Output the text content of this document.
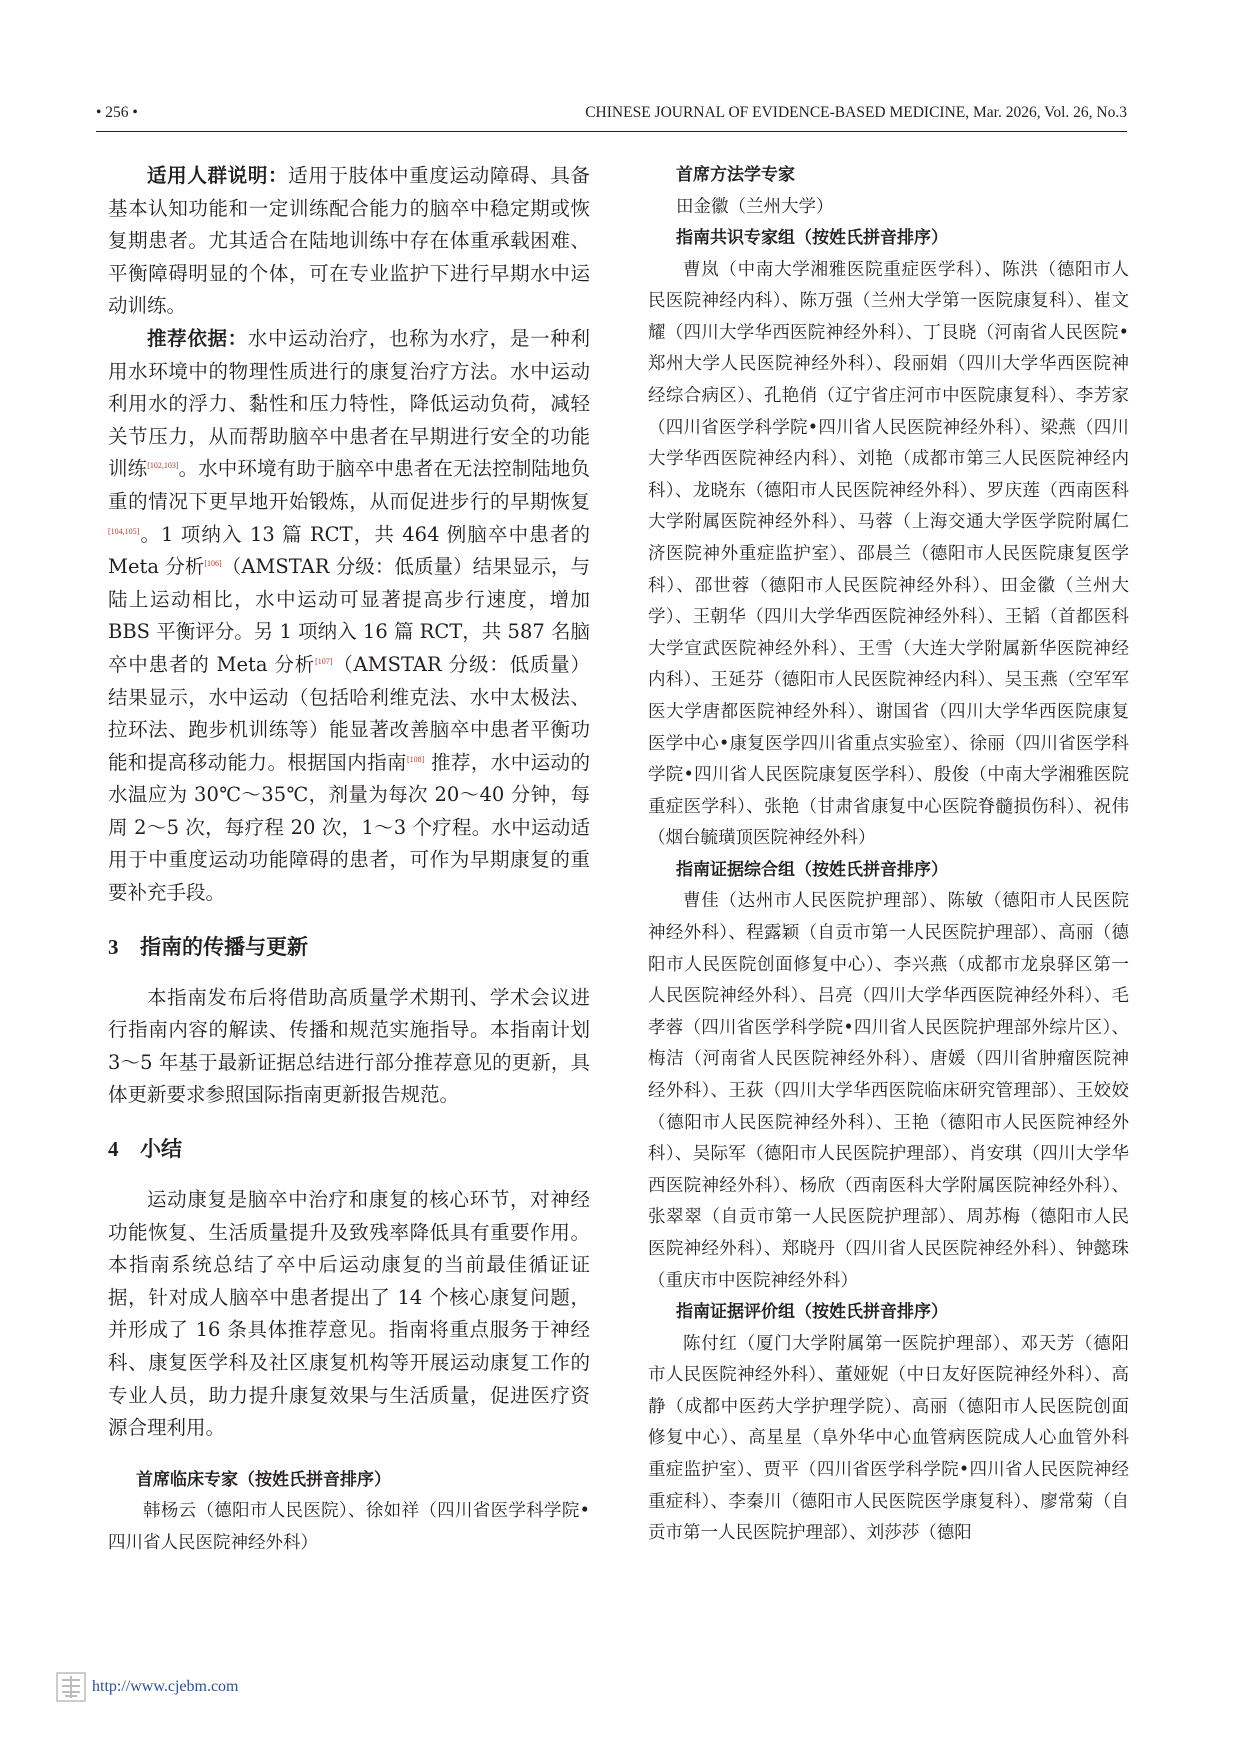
• 256 •	CHINESE JOURNAL OF EVIDENCE-BASED MEDICINE, Mar. 2026, Vol. 26, No.3

适用人群说明：适用于肢体中重度运动障碍、具备基本认知功能和一定训练配合能力的脑卒中稳定期或恢复期患者。尤其适合在陆地训练中存在体重承载困难、平衡障碍明显的个体，可在专业监护下进行早期水中运动训练。

推荐依据：水中运动治疗，也称为水疗，是一种利用水环境中的物理性质进行的康复治疗方法。水中运动利用水的浮力、黏性和压力特性，降低运动负荷，减轻关节压力，从而帮助脑卒中患者在早期进行安全的功能训练[102,103]。水中环境有助于脑卒中患者在无法控制陆地负重的情况下更早地开始锻炼，从而促进步行的早期恢复[104,105]。1 项纳入 13 篇 RCT，共 464 例脑卒中患者的 Meta 分析[106]（AMSTAR 分级：低质量）结果显示，与陆上运动相比，水中运动可显著提高步行速度，增加 BBS 平衡评分。另 1 项纳入 16 篇 RCT，共 587 名脑卒中患者的 Meta 分析[107]（AMSTAR 分级：低质量）结果显示，水中运动（包括哈利维克法、水中太极法、拉环法、跑步机训练等）能显著改善脑卒中患者平衡功能和提高移动能力。根据国内指南[108] 推荐，水中运动的水温应为 30℃～35℃，剂量为每次 20～40 分钟，每周 2～5 次，每疗程 20 次，1～3 个疗程。水中运动适用于中重度运动功能障碍的患者，可作为早期康复的重要补充手段。

3 指南的传播与更新

本指南发布后将借助高质量学术期刊、学术会议进行指南内容的解读、传播和规范实施指导。本指南计划 3～5 年基于最新证据总结进行部分推荐意见的更新，具体更新要求参照国际指南更新报告规范。

4 小结

运动康复是脑卒中治疗和康复的核心环节，对神经功能恢复、生活质量提升及致残率降低具有重要作用。本指南系统总结了卒中后运动康复的当前最佳循证证据，针对成人脑卒中患者提出了 14 个核心康复问题，并形成了 16 条具体推荐意见。指南将重点服务于神经科、康复医学科及社区康复机构等开展运动康复工作的专业人员，助力提升康复效果与生活质量，促进医疗资源合理利用。

首席临床专家（按姓氏拼音排序）

韩杨云（德阳市人民医院）、徐如祥（四川省医学科学院•四川省人民医院神经外科）

首席方法学专家

田金徽（兰州大学）

指南共识专家组（按姓氏拼音排序）

曹岚（中南大学湘雅医院重症医学科）、陈洪（德阳市人民医院神经内科）、陈万强（兰州大学第一医院康复科）、崔文耀（四川大学华西医院神经外科）、丁艮晓（河南省人民医院•郑州大学人民医院神经外科）、段丽娟（四川大学华西医院神经综合病区）、孔艳俏（辽宁省庄河市中医院康复科）、李芳家（四川省医学科学院•四川省人民医院神经外科）、梁燕（四川大学华西医院神经内科）、刘艳（成都市第三人民医院神经内科）、龙晓东（德阳市人民医院神经外科）、罗庆莲（西南医科大学附属医院神经外科）、马蓉（上海交通大学医学院附属仁济医院神外重症监护室）、邵晨兰（德阳市人民医院康复医学科）、邵世蓉（德阳市人民医院神经外科）、田金徽（兰州大学）、王朝华（四川大学华西医院神经外科）、王韬（首都医科大学宣武医院神经外科）、王雪（大连大学附属新华医院神经内科）、王延芬（德阳市人民医院神经内科）、吴玉燕（空军军医大学唐都医院神经外科）、谢国省（四川大学华西医院康复医学中心•康复医学四川省重点实验室）、徐丽（四川省医学科学院•四川省人民医院康复医学科）、殷俊（中南大学湘雅医院重症医学科）、张艳（甘肃省康复中心医院脊髓损伤科）、祝伟（烟台毓璜顶医院神经外科）

指南证据综合组（按姓氏拼音排序）

曹佳（达州市人民医院护理部）、陈敏（德阳市人民医院神经外科）、程露颖（自贡市第一人民医院护理部）、高丽（德阳市人民医院创面修复中心）、李兴燕（成都市龙泉驿区第一人民医院神经外科）、吕亮（四川大学华西医院神经外科）、毛孝蓉（四川省医学科学院•四川省人民医院护理部外综片区）、梅洁（河南省人民医院神经外科）、唐媛（四川省肿瘤医院神经外科）、王荻（四川大学华西医院临床研究管理部）、王姣姣（德阳市人民医院神经外科）、王艳（德阳市人民医院神经外科）、吴际军（德阳市人民医院护理部）、肖安琪（四川大学华西医院神经外科）、杨欣（西南医科大学附属医院神经外科）、张翠翠（自贡市第一人民医院护理部）、周苏梅（德阳市人民医院神经外科）、郑晓丹（四川省人民医院神经外科）、钟懿珠（重庆市中医院神经外科）

指南证据评价组（按姓氏拼音排序）

陈付红（厦门大学附属第一医院护理部）、邓天芳（德阳市人民医院神经外科）、董娅妮（中日友好医院神经外科）、高静（成都中医药大学护理学院）、高丽（德阳市人民医院创面修复中心）、高星星（阜外华中心血管病医院成人心血管外科重症监护室）、贾平（四川省医学科学院•四川省人民医院神经重症科）、李秦川（德阳市人民医院医学康复科）、廖常菊（自贡市第一人民医院护理部）、刘莎莎（德阳

http://www.cjebm.com
